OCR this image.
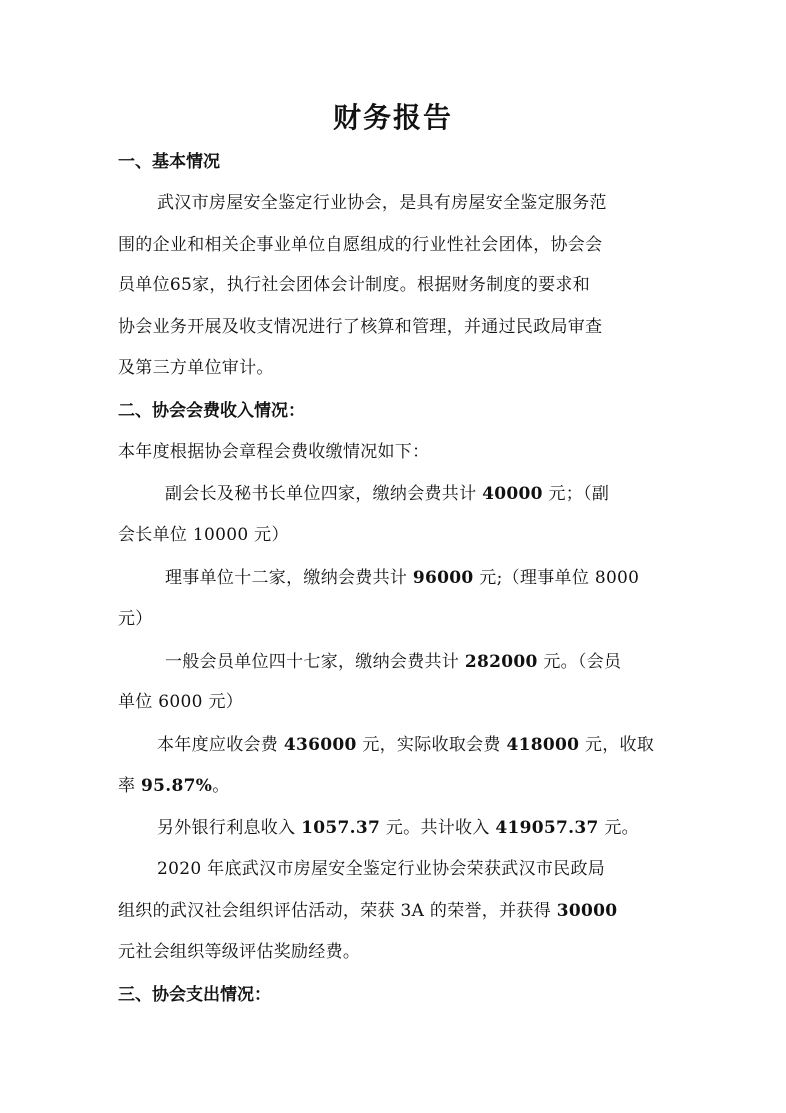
财务报告

一、基本情况

武汉市房屋安全鉴定行业协会，是具有房屋安全鉴定服务范

围的企业和相关企事业单位自愿组成的行业性社会团体，协会会

员单位65家，执行社会团体会计制度。根据财务制度的要求和

协会业务开展及收支情况进行了核算和管理，并通过民政局审查

及第三方单位审计。

二、协会会费收入情况：

本年度根据协会章程会费收缴情况如下：

副会长及秘书长单位四家，缴纳会费共计 40000 元；（副

会长单位 10000 元）

理事单位十二家，缴纳会费共计 96000 元;（理事单位 8000

元）

一般会员单位四十七家，缴纳会费共计 282000 元。（会员

单位 6000 元）

本年度应收会费 436000 元，实际收取会费 418000 元，收取

率 95.87%。

另外银行利息收入 1057.37 元。共计收入 419057.37 元。

2020 年底武汉市房屋安全鉴定行业协会荣获武汉市民政局

组织的武汉社会组织评估活动，荣获 3A 的荣誉，并获得 30000

元社会组织等级评估奖励经费。

三、协会支出情况：
